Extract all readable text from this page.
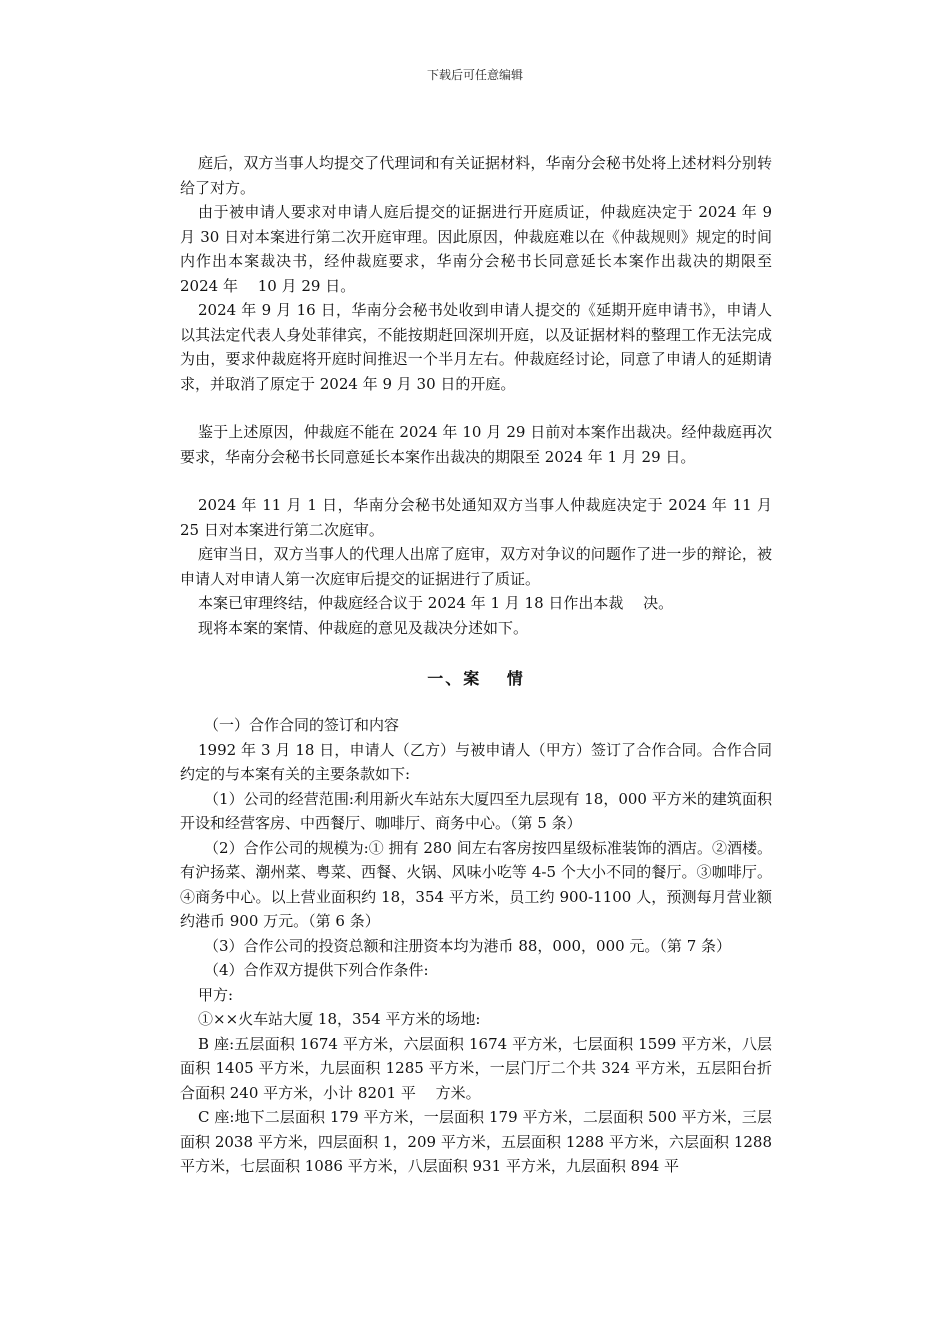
下载后可任意编辑

庭后，双方当事人均提交了代理词和有关证据材料，华南分会秘书处将上述材料分别转给了对方。

由于被申请人要求对申请人庭后提交的证据进行开庭质证，仲裁庭决定于 2024 年 9 月 30 日对本案进行第二次开庭审理。因此原因，仲裁庭难以在《仲裁规则》规定的时间内作出本案裁决书，经仲裁庭要求，华南分会秘书长同意延长本案作出裁决的期限至 2024 年　 10 月 29 日。

2024 年 9 月 16 日，华南分会秘书处收到申请人提交的《延期开庭申请书》，申请人以其法定代表人身处菲律宾，不能按期赶回深圳开庭，以及证据材料的整理工作无法完成为由，要求仲裁庭将开庭时间推迟一个半月左右。仲裁庭经讨论，同意了申请人的延期请求，并取消了原定于 2024 年 9 月 30 日的开庭。

鉴于上述原因，仲裁庭不能在 2024 年 10 月 29 日前对本案作出裁决。经仲裁庭再次要求，华南分会秘书长同意延长本案作出裁决的期限至 2024 年 1 月 29 日。

2024 年 11 月 1 日，华南分会秘书处通知双方当事人仲裁庭决定于 2024 年 11 月 25 日对本案进行第二次庭审。

庭审当日，双方当事人的代理人出席了庭审，双方对争议的问题作了进一步的辩论，被申请人对申请人第一次庭审后提交的证据进行了质证。

本案已审理终结，仲裁庭经合议于 2024 年 1 月 18 日作出本裁　 决。

现将本案的案情、仲裁庭的意见及裁决分述如下。

一、案　 情

（一）合作合同的签订和内容

1992 年 3 月 18 日，申请人（乙方）与被申请人（甲方）签订了合作合同。合作合同约定的与本案有关的主要条款如下:

（1）公司的经营范围:利用新火车站东大厦四至九层现有 18，000 平方米的建筑面积开设和经营客房、中西餐厅、咖啡厅、商务中心。（第 5 条）

（2）合作公司的规模为:① 拥有 280 间左右客房按四星级标准装饰的酒店。②酒楼。有沪扬菜、潮州菜、粤菜、西餐、火锅、风味小吃等 4-5 个大小不同的餐厅。③咖啡厅。④商务中心。以上营业面积约 18，354 平方米，员工约 900-1100 人，预测每月营业额约港币 900 万元。（第 6 条）

（3）合作公司的投资总额和注册资本均为港币 88，000，000 元。（第 7 条）

（4）合作双方提供下列合作条件:

甲方:

①××火车站大厦 18，354 平方米的场地:

B 座:五层面积 1674 平方米，六层面积 1674 平方米，七层面积 1599 平方米，八层面积 1405 平方米，九层面积 1285 平方米，一层门厅二个共 324 平方米，五层阳台折合面积 240 平方米，小计 8201 平　 方米。

C 座:地下二层面积 179 平方米，一层面积 179 平方米，二层面积 500 平方米，三层面积 2038 平方米，四层面积 1，209 平方米，五层面积 1288 平方米，六层面积 1288 平方米，七层面积 1086 平方米，八层面积 931 平方米，九层面积 894 平
